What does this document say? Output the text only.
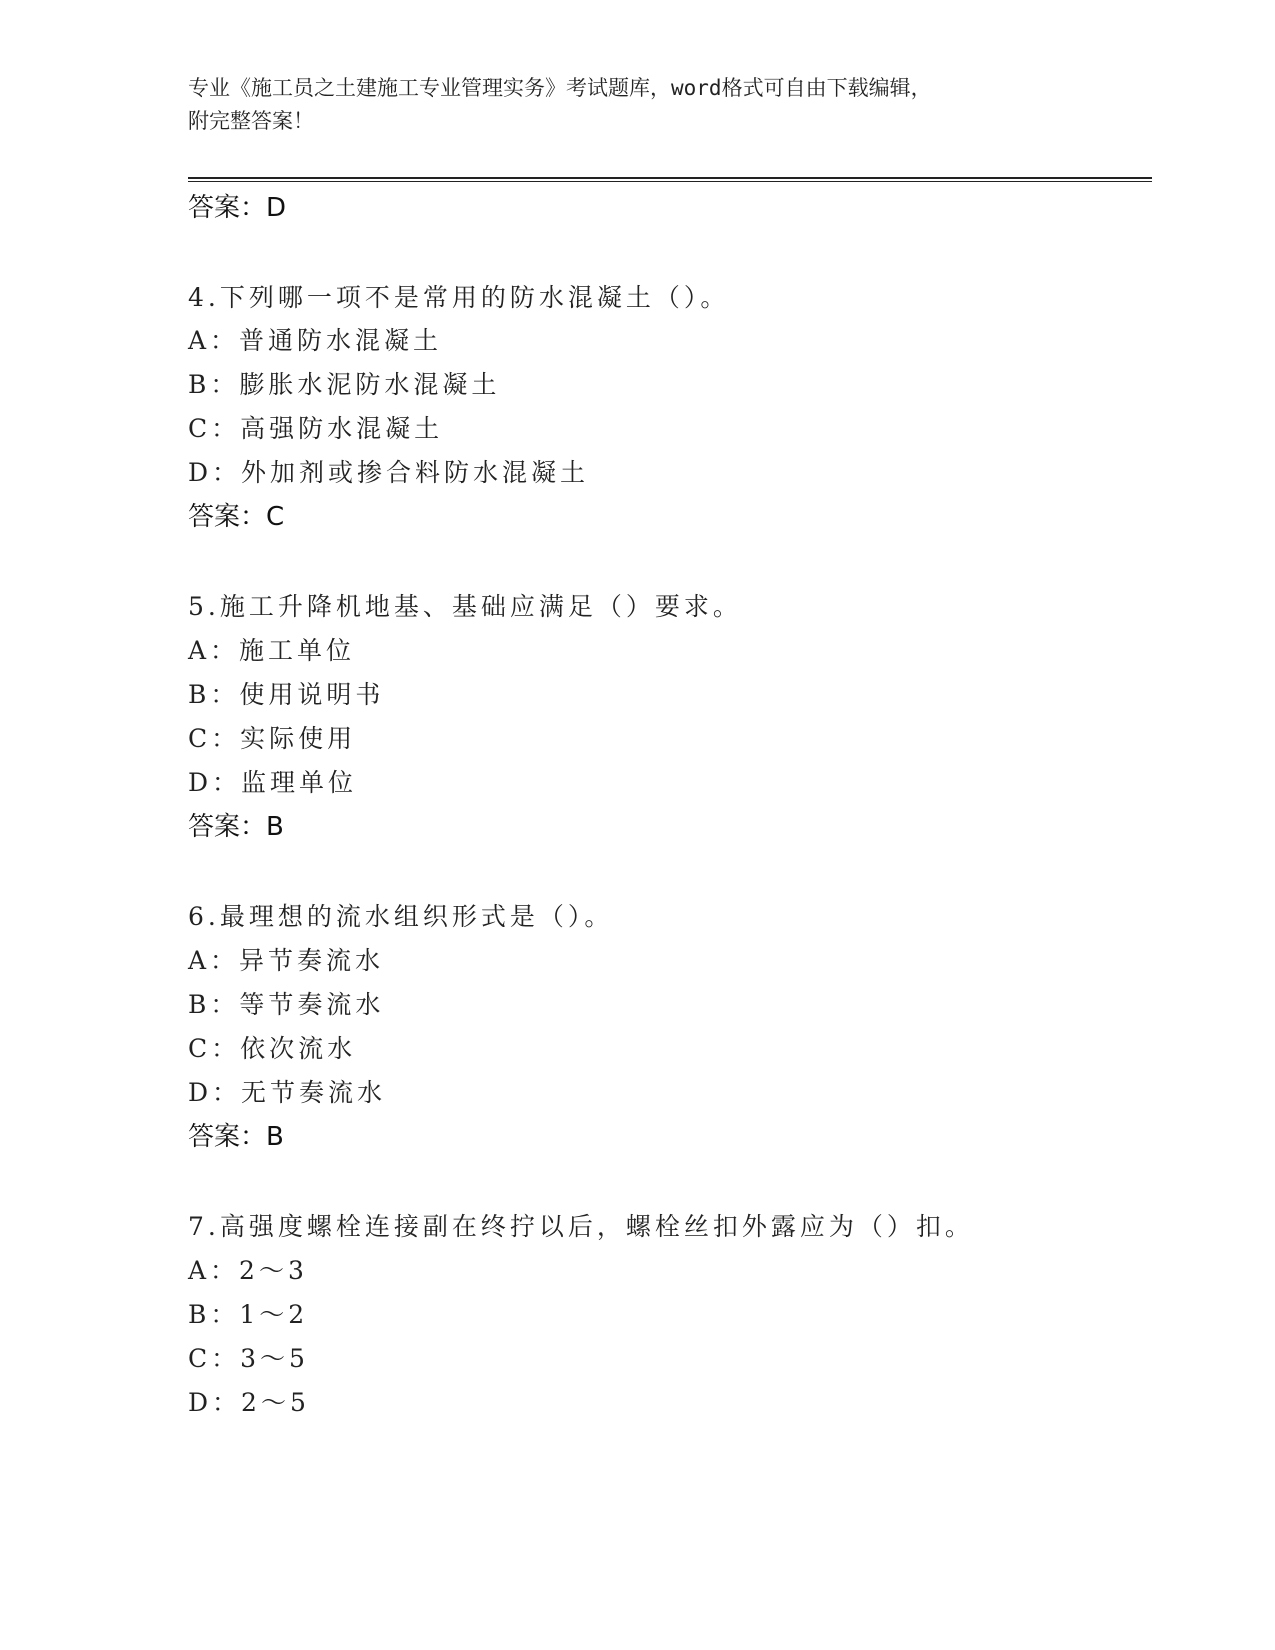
专业《施工员之土建施工专业管理实务》考试题库，word格式可自由下载编辑，
附完整答案！
答案：D
4.下列哪一项不是常用的防水混凝土（）。
A：普通防水混凝土
B：膨胀水泥防水混凝土
C：高强防水混凝土
D：外加剂或掺合料防水混凝土
答案：C
5.施工升降机地基、基础应满足（）要求。
A：施工单位
B：使用说明书
C：实际使用
D：监理单位
答案：B
6.最理想的流水组织形式是（）。
A：异节奏流水
B：等节奏流水
C：依次流水
D：无节奏流水
答案：B
7.高强度螺栓连接副在终拧以后，螺栓丝扣外露应为（）扣。
A：2～3
B：1～2
C：3～5
D：2～5
